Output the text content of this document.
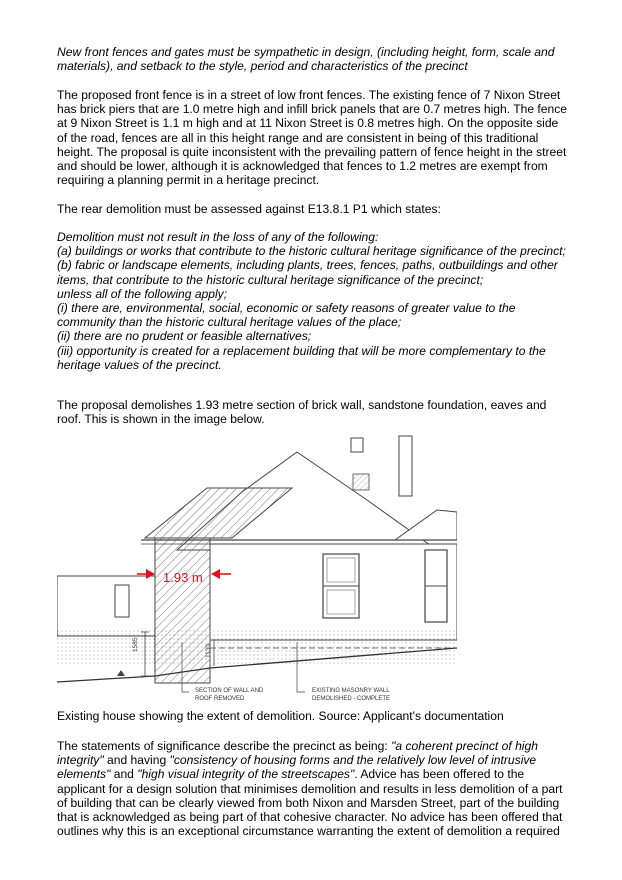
New front fences and gates must be sympathetic in design, (including height, form, scale and materials), and setback to the style, period and characteristics of the precinct

The proposed front fence is in a street of low front fences. The existing fence of 7 Nixon Street has brick piers that are 1.0 metre high and infill brick panels that are 0.7 metres high. The fence at 9 Nixon Street is 1.1 m high and at 11 Nixon Street is 0.8 metres high. On the opposite side of the road, fences are all in this height range and are consistent in being of this traditional height. The proposal is quite inconsistent with the prevailing pattern of fence height in the street and should be lower, although it is acknowledged that fences to 1.2 metres are exempt from requiring a planning permit in a heritage precinct.

The rear demolition must be assessed against E13.8.1 P1 which states:

Demolition must not result in the loss of any of the following:

(a) buildings or works that contribute to the historic cultural heritage significance of the precinct;

(b) fabric or landscape elements, including plants, trees, fences, paths, outbuildings and other items, that contribute to the historic cultural heritage significance of the precinct;

unless all of the following apply;

(i) there are, environmental, social, economic or safety reasons of greater value to the community than the historic cultural heritage values of the place;

(ii) there are no prudent or feasible alternatives;

(iii) opportunity is created for a replacement building that will be more complementary to the heritage values of the precinct.

The proposal demolishes 1.93 metre section of brick wall, sandstone foundation, eaves and roof. This is shown in the image below.

1585	1130
1.93 m
SECTION OF WALL AND
ROOF REMOVED
EXISTING MASONRY WALL
DEMOLISHED - COMPLETE
Existing house showing the extent of demolition. Source: Applicant's documentation

The statements of significance describe the precinct as being: "a coherent precinct of high integrity" and having "consistency of housing forms and the relatively low level of intrusive elements" and "high visual integrity of the streetscapes". Advice has been offered to the applicant for a design solution that minimises demolition and results in less demolition of a part of building that can be clearly viewed from both Nixon and Marsden Street, part of the building that is acknowledged as being part of that cohesive character. No advice has been offered that outlines why this is an exceptional circumstance warranting the extent of demolition a required
